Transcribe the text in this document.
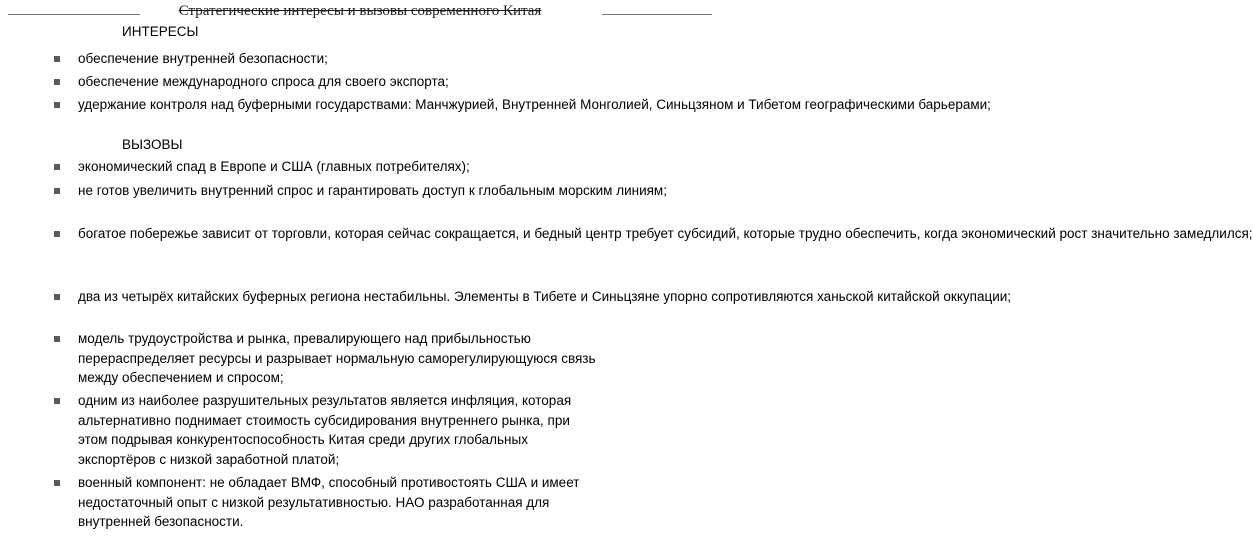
Стратегические интересы и вызовы современного Китая
ИНТЕРЕСЫ
обеспечение внутренней безопасности;
обеспечение международного спроса для своего экспорта;
удержание контроля над буферными государствами: Манчжурией, Внутренней Монголией, Синьцзяном и Тибетом географическими барьерами;
ВЫЗОВЫ
экономический спад в Европе и США (главных потребителях);
не готов увеличить внутренний спрос и гарантировать доступ к глобальным морским линиям;
богатое побережье зависит от торговли, которая сейчас сокращается, и бедный центр требует субсидий, которые трудно обеспечить, когда экономический рост значительно замедлился;
два из четырёх китайских буферных региона нестабильны. Элементы в Тибете и Синьцзяне упорно сопротивляются ханьской китайской оккупации;
модель трудоустройства и рынка, превалирующего над прибыльностью
перераспределяет ресурсы и разрывает нормальную саморегулирующуюся связь
между обеспечением и спросом;
одним из наиболее разрушительных результатов является инфляция, которая
альтернативно поднимает стоимость субсидирования внутреннего рынка, при
этом подрывая конкурентоспособность Китая среди других глобальных
экспортёров с низкой заработной платой;
военный компонент: не обладает ВМФ, способный противостоять США и имеет
недостаточный опыт с низкой результативностью. НАО разработанная для
внутренней безопасности.
